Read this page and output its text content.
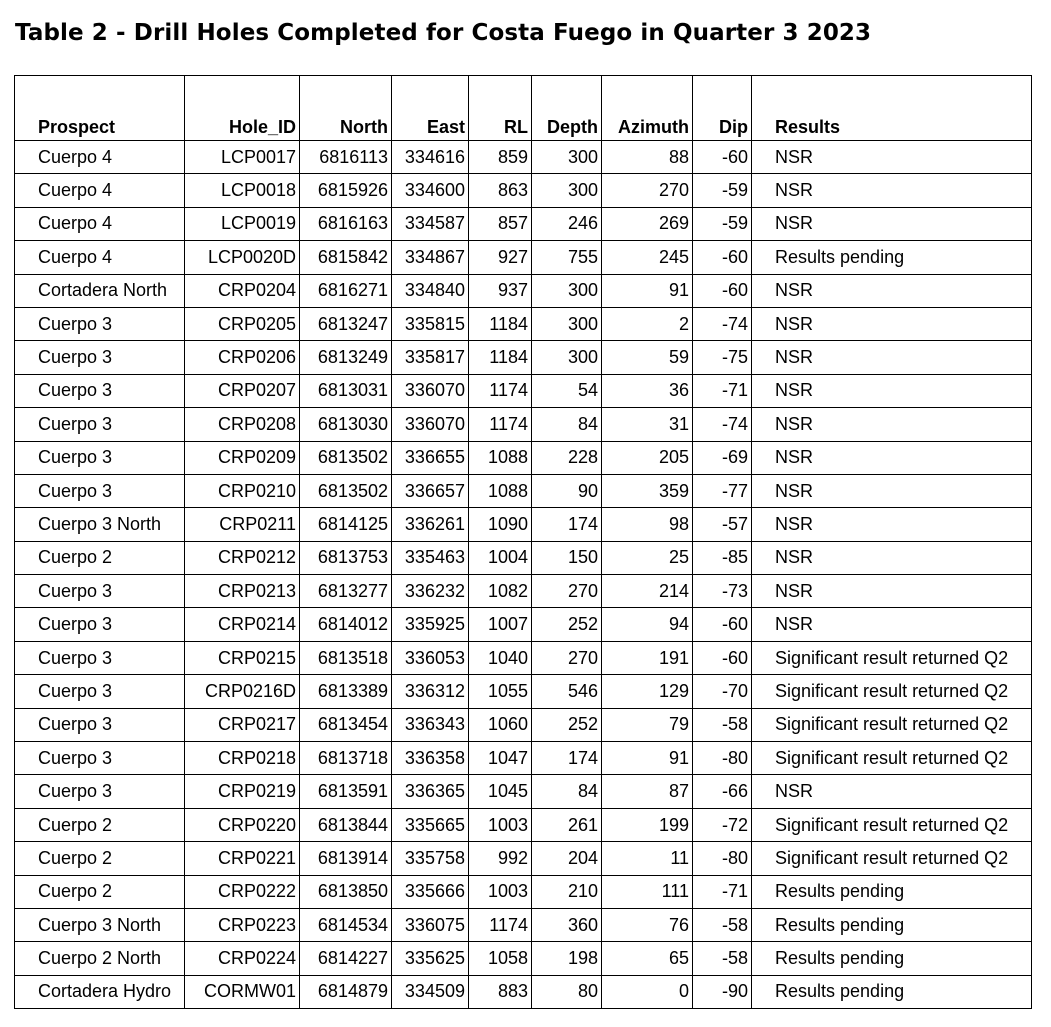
Table 2 - Drill Holes Completed for Costa Fuego in Quarter 3 2023
Prospect	Hole_ID	North	East	RL	Depth	Azimuth	Dip	Results
Cuerpo 4	LCP0017	6816113	334616	859	300	88	-60	NSR
Cuerpo 4	LCP0018	6815926	334600	863	300	270	-59	NSR
Cuerpo 4	LCP0019	6816163	334587	857	246	269	-59	NSR
Cuerpo 4	LCP0020D	6815842	334867	927	755	245	-60	Results pending
Cortadera North	CRP0204	6816271	334840	937	300	91	-60	NSR
Cuerpo 3	CRP0205	6813247	335815	1184	300	2	-74	NSR
Cuerpo 3	CRP0206	6813249	335817	1184	300	59	-75	NSR
Cuerpo 3	CRP0207	6813031	336070	1174	54	36	-71	NSR
Cuerpo 3	CRP0208	6813030	336070	1174	84	31	-74	NSR
Cuerpo 3	CRP0209	6813502	336655	1088	228	205	-69	NSR
Cuerpo 3	CRP0210	6813502	336657	1088	90	359	-77	NSR
Cuerpo 3 North	CRP0211	6814125	336261	1090	174	98	-57	NSR
Cuerpo 2	CRP0212	6813753	335463	1004	150	25	-85	NSR
Cuerpo 3	CRP0213	6813277	336232	1082	270	214	-73	NSR
Cuerpo 3	CRP0214	6814012	335925	1007	252	94	-60	NSR
Cuerpo 3	CRP0215	6813518	336053	1040	270	191	-60	Significant result returned Q2
Cuerpo 3	CRP0216D	6813389	336312	1055	546	129	-70	Significant result returned Q2
Cuerpo 3	CRP0217	6813454	336343	1060	252	79	-58	Significant result returned Q2
Cuerpo 3	CRP0218	6813718	336358	1047	174	91	-80	Significant result returned Q2
Cuerpo 3	CRP0219	6813591	336365	1045	84	87	-66	NSR
Cuerpo 2	CRP0220	6813844	335665	1003	261	199	-72	Significant result returned Q2
Cuerpo 2	CRP0221	6813914	335758	992	204	11	-80	Significant result returned Q2
Cuerpo 2	CRP0222	6813850	335666	1003	210	111	-71	Results pending
Cuerpo 3 North	CRP0223	6814534	336075	1174	360	76	-58	Results pending
Cuerpo 2 North	CRP0224	6814227	335625	1058	198	65	-58	Results pending
Cortadera Hydro	CORMW01	6814879	334509	883	80	0	-90	Results pending
